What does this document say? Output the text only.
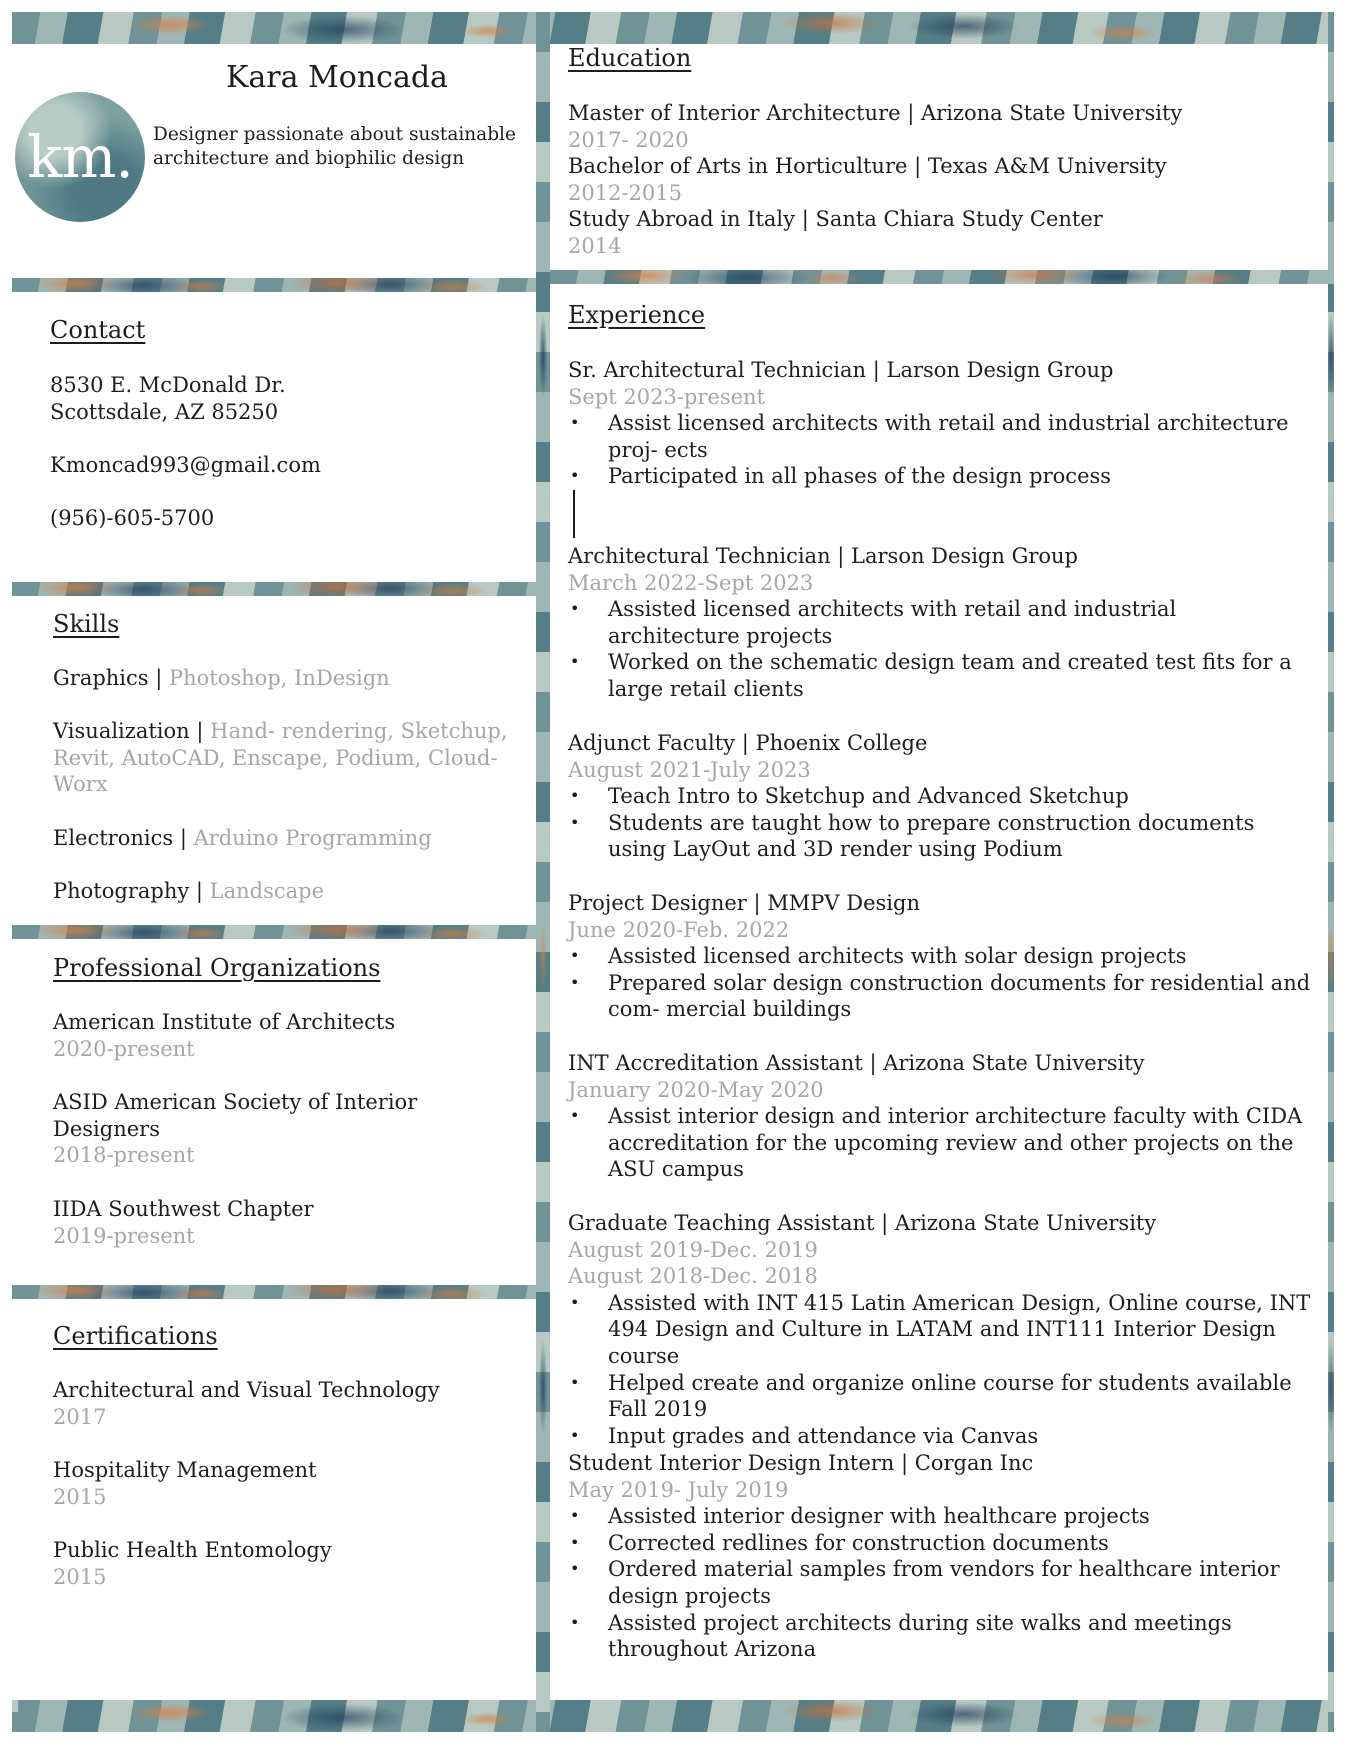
km.
Kara Moncada
Designer passionate about sustainable
architecture and biophilic design
Contact
8530 E. McDonald Dr.
Scottsdale, AZ 85250
Kmoncad993@gmail.com
(956)-605-5700
Skills
Graphics | Photoshop, InDesign
Visualization | Hand- rendering, Sketchup,
Revit, AutoCAD, Enscape, Podium, Cloud-
Worx
Electronics | Arduino Programming
Photography | Landscape
Professional Organizations
American Institute of Architects
2020-present
ASID American Society of Interior
Designers
2018-present
IIDA Southwest Chapter
2019-present
Certifications
Architectural and Visual Technology
2017
Hospitality Management
2015
Public Health Entomology
2015
Education
Master of Interior Architecture | Arizona State University
2017- 2020
Bachelor of Arts in Horticulture | Texas A&M University
2012-2015
Study Abroad in Italy | Santa Chiara Study Center
2014
Experience
Sr. Architectural Technician | Larson Design Group
Sept 2023-present
• Assist licensed architects with retail and industrial architecture proj- ects
• Participated in all phases of the design process
Architectural Technician | Larson Design Group
March 2022-Sept 2023
• Assisted licensed architects with retail and industrial architecture projects
• Worked on the schematic design team and created test fits for a large retail clients
Adjunct Faculty | Phoenix College
August 2021-July 2023
• Teach Intro to Sketchup and Advanced Sketchup
• Students are taught how to prepare construction documents using LayOut and 3D render using Podium
Project Designer | MMPV Design
June 2020-Feb. 2022
• Assisted licensed architects with solar design projects
• Prepared solar design construction documents for residential and com- mercial buildings
INT Accreditation Assistant | Arizona State University
January 2020-May 2020
• Assist interior design and interior architecture faculty with CIDA accreditation for the upcoming review and other projects on the ASU campus
Graduate Teaching Assistant | Arizona State University
August 2019-Dec. 2019
August 2018-Dec. 2018
• Assisted with INT 415 Latin American Design, Online course, INT 494 Design and Culture in LATAM and INT111 Interior Design course
• Helped create and organize online course for students available Fall 2019
• Input grades and attendance via Canvas
Student Interior Design Intern | Corgan Inc
May 2019- July 2019
• Assisted interior designer with healthcare projects
• Corrected redlines for construction documents
• Ordered material samples from vendors for healthcare interior design projects
• Assisted project architects during site walks and meetings throughout Arizona
